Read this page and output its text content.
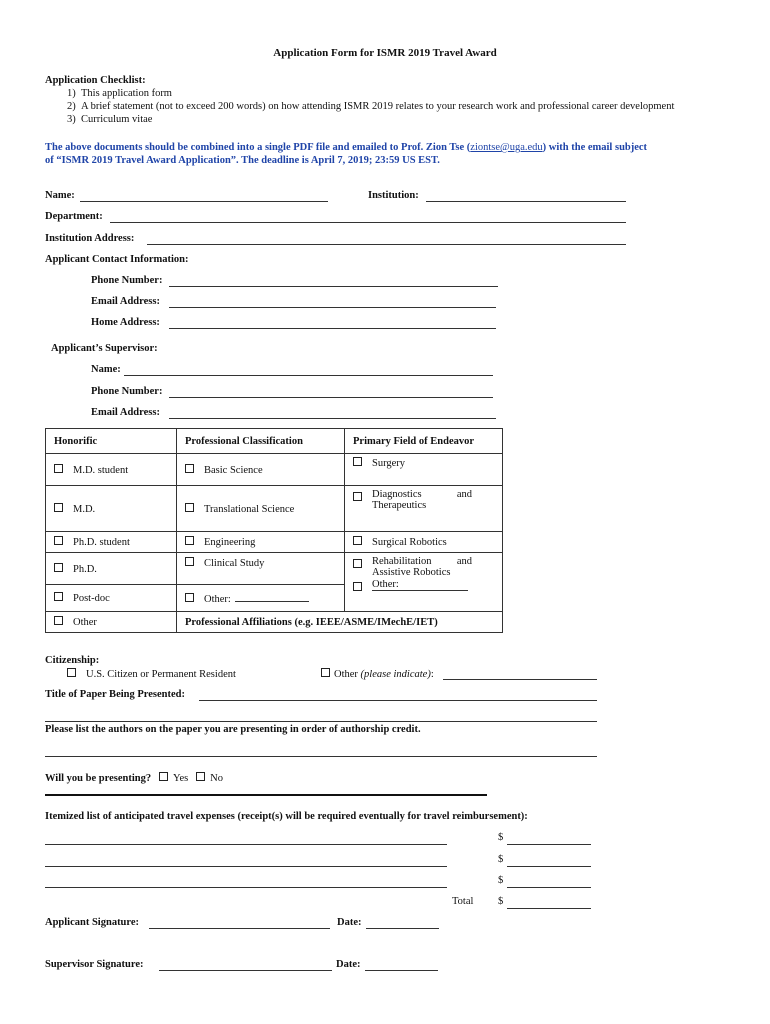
Application Form for ISMR 2019 Travel Award
Application Checklist:
1) This application form
2) A brief statement (not to exceed 200 words) on how attending ISMR 2019 relates to your research work and professional career development
3) Curriculum vitae
The above documents should be combined into a single PDF file and emailed to Prof. Zion Tse (ziontse@uga.edu) with the email subject
of “ISMR 2019 Travel Award Application”. The deadline is April 7, 2019; 23:59 US EST.
Name:	Institution:
Department:
Institution Address:
Applicant Contact Information:
Phone Number:
Email Address:
Home Address:
Applicant’s Supervisor:
Name:
Phone Number:
Email Address:
Honorific	Professional Classification	Primary Field of Endeavor
M.D. student	Basic Science	Surgery
M.D.	Translational Science	Diagnostics and
Therapeutics

Ph.D. student	Engineering	Surgical Robotics
Ph.D.	Clinical Study	Rehabilitation and
Assistive Robotics
Other:

Post-doc	Other:	
Other	Professional Affiliations (e.g. IEEE/ASME/IMechE/IET)	
Citizenship:
U.S. Citizen or Permanent Resident	Other (please indicate):
Title of Paper Being Presented:
Please list the authors on the paper you are presenting in order of authorship credit.
Will you be presenting? Yes No
Itemized list of anticipated travel expenses (receipt(s) will be required eventually for travel reimbursement):
$
$
$
Total $
Applicant Signature:	Date:
Supervisor Signature:	Date:
